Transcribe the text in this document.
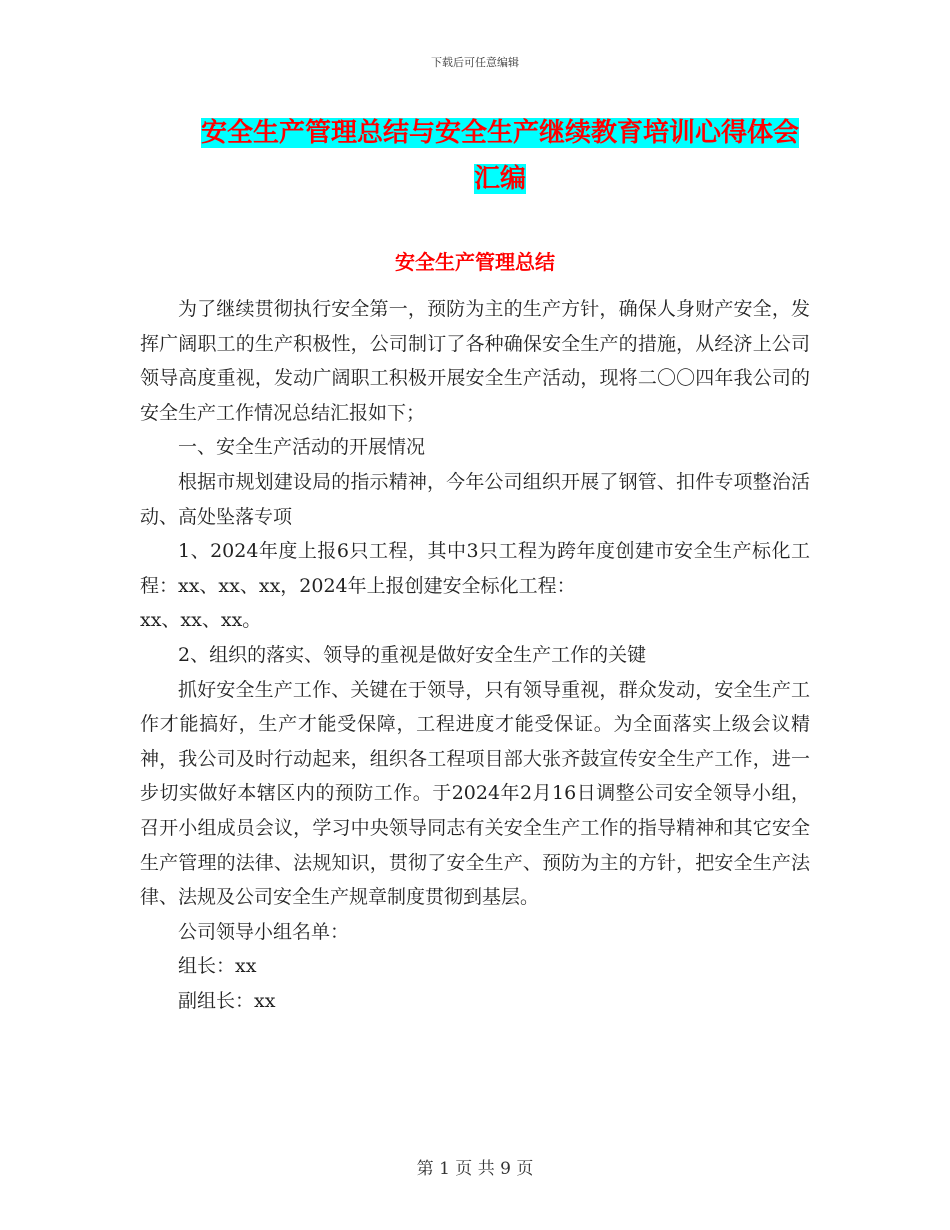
下载后可任意编辑
安全生产管理总结与安全生产继续教育培训心得体会
汇编
安全生产管理总结

为了继续贯彻执行安全第一，预防为主的生产方针，确保人身财产安全，发挥广阔职工的生产积极性，公司制订了各种确保安全生产的措施，从经济上公司领导高度重视，发动广阔职工积极开展安全生产活动，现将二〇〇四年我公司的安全生产工作情况总结汇报如下；

一、安全生产活动的开展情况

根据市规划建设局的指示精神，今年公司组织开展了钢管、扣件专项整治活动、高处坠落专项

1、2024年度上报6只工程，其中3只工程为跨年度创建市安全生产标化工程：xx、xx、xx，2024年上报创建安全标化工程：

xx、xx、xx。

2、组织的落实、领导的重视是做好安全生产工作的关键

抓好安全生产工作、关键在于领导，只有领导重视，群众发动，安全生产工作才能搞好，生产才能受保障，工程进度才能受保证。为全面落实上级会议精神，我公司及时行动起来，组织各工程项目部大张齐鼓宣传安全生产工作，进一步切实做好本辖区内的预防工作。于2024年2月16日调整公司安全领导小组，召开小组成员会议，学习中央领导同志有关安全生产工作的指导精神和其它安全生产管理的法律、法规知识，贯彻了安全生产、预防为主的方针，把安全生产法律、法规及公司安全生产规章制度贯彻到基层。

公司领导小组名单：

组长：xx

副组长：xx

第 1 页 共 9 页
